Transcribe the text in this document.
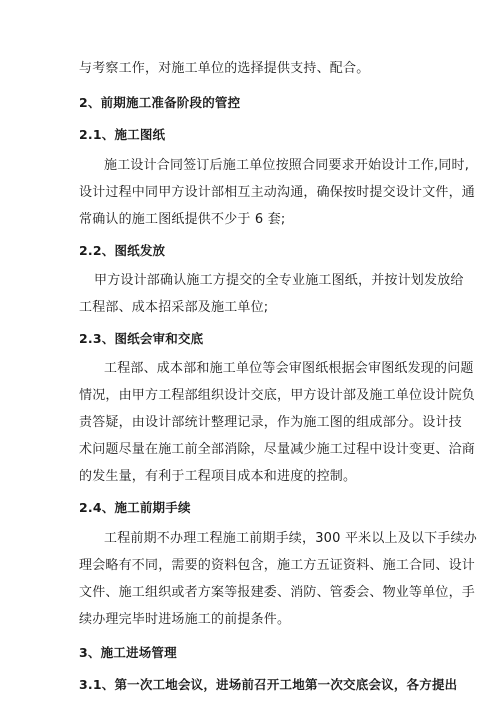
与考察工作，对施工单位的选择提供支持、配合。
2、前期施工准备阶段的管控
2.1、施工图纸
施工设计合同签订后施工单位按照合同要求开始设计工作,同时,
设计过程中同甲方设计部相互主动沟通，确保按时提交设计文件，通
常确认的施工图纸提供不少于 6 套;
2.2、图纸发放
甲方设计部确认施工方提交的全专业施工图纸，并按计划发放给
工程部、成本招采部及施工单位;
2.3、图纸会审和交底
工程部、成本部和施工单位等会审图纸根据会审图纸发现的问题
情况，由甲方工程部组织设计交底，甲方设计部及施工单位设计院负
责答疑，由设计部统计整理记录，作为施工图的组成部分。设计技
术问题尽量在施工前全部消除，尽量减少施工过程中设计变更、洽商
的发生量，有利于工程项目成本和进度的控制。
2.4、施工前期手续
工程前期不办理工程施工前期手续，300 平米以上及以下手续办
理会略有不同，需要的资料包含，施工方五证资料、施工合同、设计
文件、施工组织或者方案等报建委、消防、管委会、物业等单位，手
续办理完毕时进场施工的前提条件。
3、施工进场管理
3.1、第一次工地会议，进场前召开工地第一次交底会议，各方提出
